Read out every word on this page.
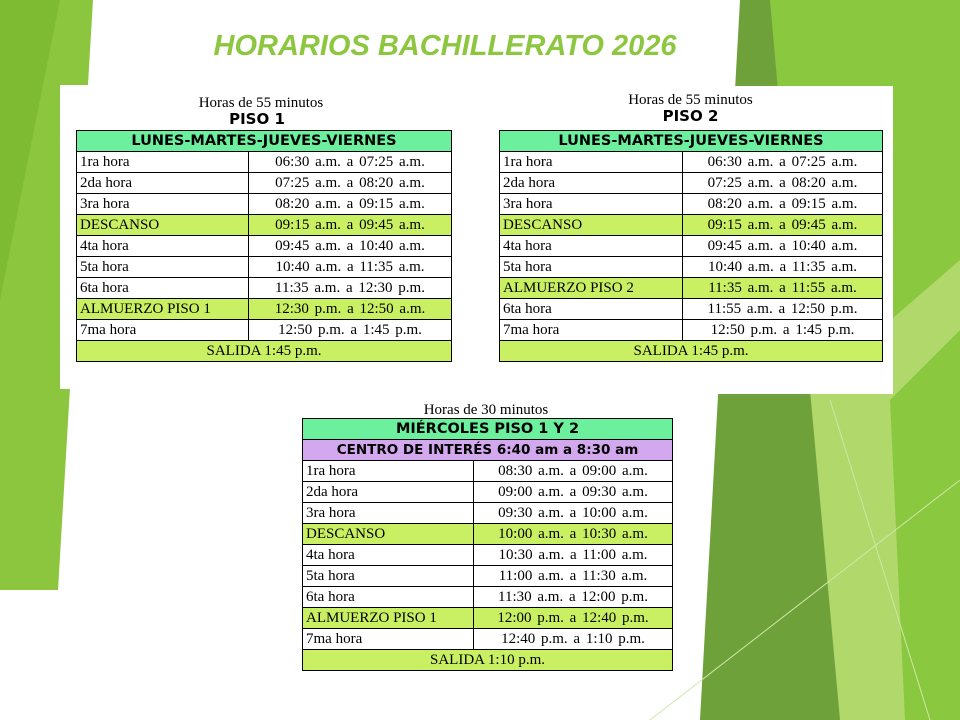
HORARIOS BACHILLERATO 2026
Horas de 55 minutos
PISO 1
LUNES-MARTES-JUEVES-VIERNES	
1ra hora	06:30 a.m. a 07:25 a.m.
2da hora	07:25 a.m. a 08:20 a.m.
3ra hora	08:20 a.m. a 09:15 a.m.
DESCANSO	09:15 a.m. a 09:45 a.m.
4ta hora	09:45 a.m. a 10:40 a.m.
5ta hora	10:40 a.m. a 11:35 a.m.
6ta hora	11:35 a.m. a 12:30 p.m.
ALMUERZO PISO 1	12:30 p.m. a 12:50 a.m.
7ma hora	12:50 p.m. a 1:45 p.m.
SALIDA 1:45 p.m.	
Horas de 55 minutos
PISO 2
LUNES-MARTES-JUEVES-VIERNES	
1ra hora	06:30 a.m. a 07:25 a.m.
2da hora	07:25 a.m. a 08:20 a.m.
3ra hora	08:20 a.m. a 09:15 a.m.
DESCANSO	09:15 a.m. a 09:45 a.m.
4ta hora	09:45 a.m. a 10:40 a.m.
5ta hora	10:40 a.m. a 11:35 a.m.
ALMUERZO PISO 2	11:35 a.m. a 11:55 a.m.
6ta hora	11:55 a.m. a 12:50 p.m.
7ma hora	12:50 p.m. a 1:45 p.m.
SALIDA 1:45 p.m.	
Horas de 30 minutos
MIÉRCOLES PISO 1 Y 2	
CENTRO DE INTERÉS 6:40 am a 8:30 am	
1ra hora	08:30 a.m. a 09:00 a.m.
2da hora	09:00 a.m. a 09:30 a.m.
3ra hora	09:30 a.m. a 10:00 a.m.
DESCANSO	10:00 a.m. a 10:30 a.m.
4ta hora	10:30 a.m. a 11:00 a.m.
5ta hora	11:00 a.m. a 11:30 a.m.
6ta hora	11:30 a.m. a 12:00 p.m.
ALMUERZO PISO 1	12:00 p.m. a 12:40 p.m.
7ma hora	12:40 p.m. a 1:10 p.m.
SALIDA 1:10 p.m.	
